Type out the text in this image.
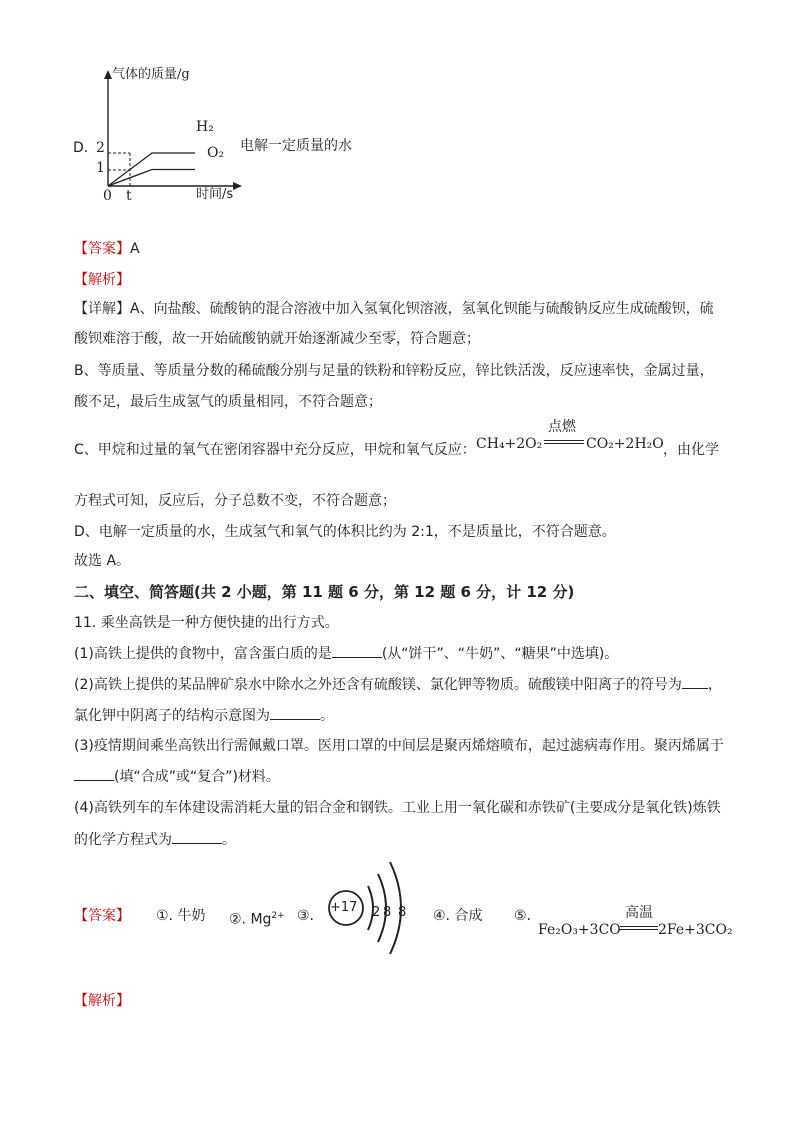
D.
气体的质量/g
2
1
0 t	时间/s
H₂
O₂ 电解一定质量的水
【答案】A
【解析】
【详解】A、向盐酸、硫酸钠的混合溶液中加入氢氧化钡溶液，氢氧化钡能与硫酸钠反应生成硫酸钡，硫
酸钡难溶于酸，故一开始硫酸钠就开始逐渐减少至零，符合题意；
B、等质量、等质量分数的稀硫酸分别与足量的铁粉和锌粉反应，锌比铁活泼，反应速率快，金属过量，
酸不足，最后生成氢气的质量相同，不符合题意；
C、甲烷和过量的氧气在密闭容器中充分反应，甲烷和氧气反应： CH₄+2O₂
点燃
CO₂+2H₂O ，由化学
方程式可知，反应后，分子总数不变，不符合题意；
D、电解一定质量的水，生成氢气和氧气的体积比约为 2:1，不是质量比，不符合题意。
故选 A。
二、填空、简答题(共 2 小题，第 11 题 6 分，第 12 题 6 分，计 12 分)
11. 乘坐高铁是一种方便快捷的出行方式。
(1)高铁上提供的食物中，富含蛋白质的是	(从“饼干”、“牛奶”、“糖果”中选填)。
(2)高铁上提供的某品牌矿泉水中除水之外还含有硫酸镁、氯化钾等物质。硫酸镁中阳离子的符号为 ，
氯化钾中阴离子的结构示意图为	。
(3)疫情期间乘坐高铁出行需佩戴口罩。医用口罩的中间层是聚丙烯熔喷布，起过滤病毒作用。聚丙烯属于
(填“合成”或“复合”)材料。
(4)高铁列车的车体建设需消耗大量的铝合金和钢铁。工业上用一氧化碳和赤铁矿(主要成分是氧化铁)炼铁
的化学方程式为	。
【答案】 ①. 牛奶 ②. $Mg^{2+}$ ③.
+17 2 8 8 ④. 合成 ⑤.
Fe₂O₃+3CO
高温
2Fe+3CO₂
【解析】
